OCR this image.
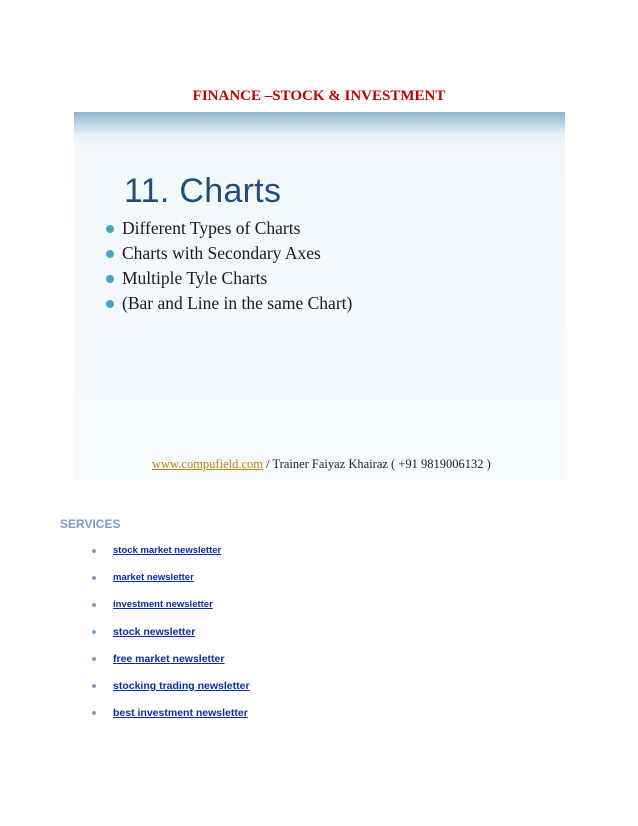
FINANCE –STOCK & INVESTMENT
11. Charts
Different Types of Charts
Charts with Secondary Axes
Multiple Tyle Charts
(Bar and Line in the same Chart)
www.compufield.com / Trainer Faiyaz Khairaz ( +91 9819006132 )
SERVICES
stock market newsletter
market newsletter
investment newsletter
stock newsletter
free market newsletter
stocking trading newsletter
best investment newsletter
